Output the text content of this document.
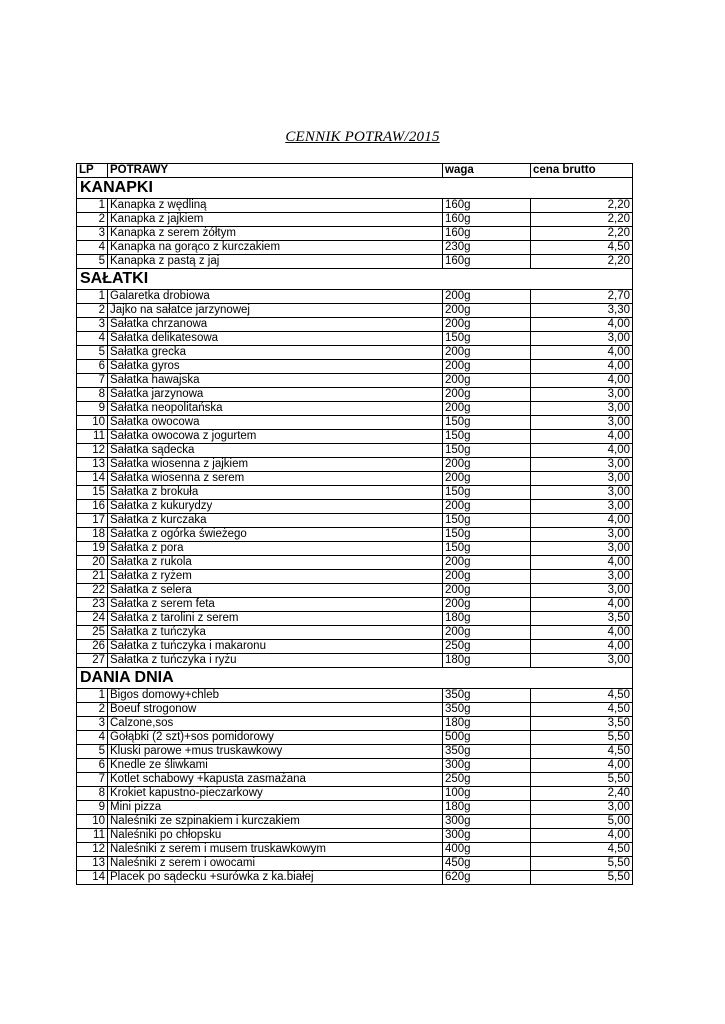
CENNIK POTRAW/2015
LP	POTRAWY	waga	cena brutto
KANAPKI			
1	Kanapka z wędliną	160g	2,20
2	Kanapka z jajkiem	160g	2,20
3	Kanapka z serem żółtym	160g	2,20
4	Kanapka na gorąco z kurczakiem	230g	4,50
5	Kanapka z pastą z jaj	160g	2,20
SAŁATKI			
1	Galaretka drobiowa	200g	2,70
2	Jajko na sałatce jarzynowej	200g	3,30
3	Sałatka chrzanowa	200g	4,00
4	Sałatka delikatesowa	150g	3,00
5	Sałatka grecka	200g	4,00
6	Sałatka gyros	200g	4,00
7	Sałatka hawajska	200g	4,00
8	Sałatka jarzynowa	200g	3,00
9	Sałatka neopolitańska	200g	3,00
10	Sałatka owocowa	150g	3,00
11	Sałatka owocowa z jogurtem	150g	4,00
12	Sałatka sądecka	150g	4,00
13	Sałatka wiosenna z jajkiem	200g	3,00
14	Sałatka wiosenna z serem	200g	3,00
15	Sałatka z brokuła	150g	3,00
16	Sałatka z kukurydzy	200g	3,00
17	Sałatka z kurczaka	150g	4,00
18	Sałatka z ogórka świeżego	150g	3,00
19	Sałatka z pora	150g	3,00
20	Sałatka z rukola	200g	4,00
21	Sałatka z ryżem	200g	3,00
22	Sałatka z selera	200g	3,00
23	Sałatka z serem feta	200g	4,00
24	Sałatka z tarolini z serem	180g	3,50
25	Sałatka z tuńczyka	200g	4,00
26	Sałatka z tuńczyka i makaronu	250g	4,00
27	Sałatka z tuńczyka i ryżu	180g	3,00
DANIA DNIA			
1	Bigos domowy+chleb	350g	4,50
2	Boeuf strogonow	350g	4,50
3	Calzone,sos	180g	3,50
4	Gołąbki (2 szt)+sos pomidorowy	500g	5,50
5	Kluski parowe +mus truskawkowy	350g	4,50
6	Knedle ze śliwkami	300g	4,00
7	Kotlet schabowy +kapusta zasmażana	250g	5,50
8	Krokiet kapustno-pieczarkowy	100g	2,40
9	Mini pizza	180g	3,00
10	Naleśniki ze szpinakiem i kurczakiem	300g	5,00
11	Naleśniki po chłopsku	300g	4,00
12	Naleśniki z serem i musem truskawkowym	400g	4,50
13	Naleśniki z serem i owocami	450g	5,50
14	Placek po sądecku +surówka z ka.białej	620g	5,50
